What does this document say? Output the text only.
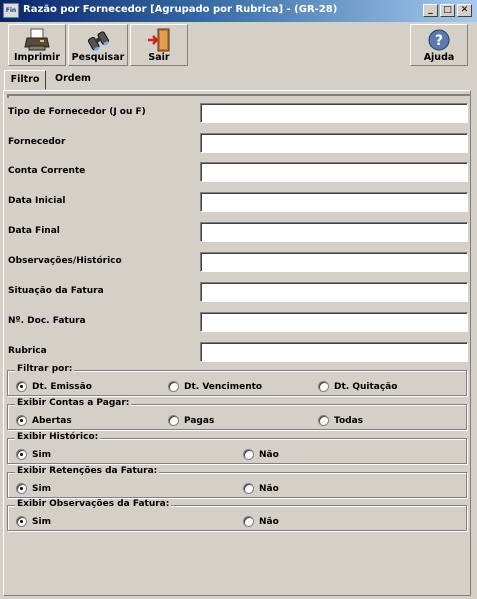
Fin Razão por Fornecedor [Agrupado por Rubrica] - (GR-28)	_	□ ✕
Imprimir	Pesquisar	Sair
?
Ajuda
Filtro	Ordem
Tipo de Fornecedor (J ou F)
Fornecedor
Conta Corrente
Data Inicial
Data Final
Observações/Histórico
Situação da Fatura
Nº. Doc. Fatura
Rubrica
Filtrar por:
Dt. Emissão	Dt. Vencimento	Dt. Quitação
Exibir Contas a Pagar:
Abertas	Pagas	Todas
Exibir Histórico:
Sim	Não
Exibir Retenções da Fatura:
Sim	Não
Exibir Observações da Fatura:
Sim	Não
